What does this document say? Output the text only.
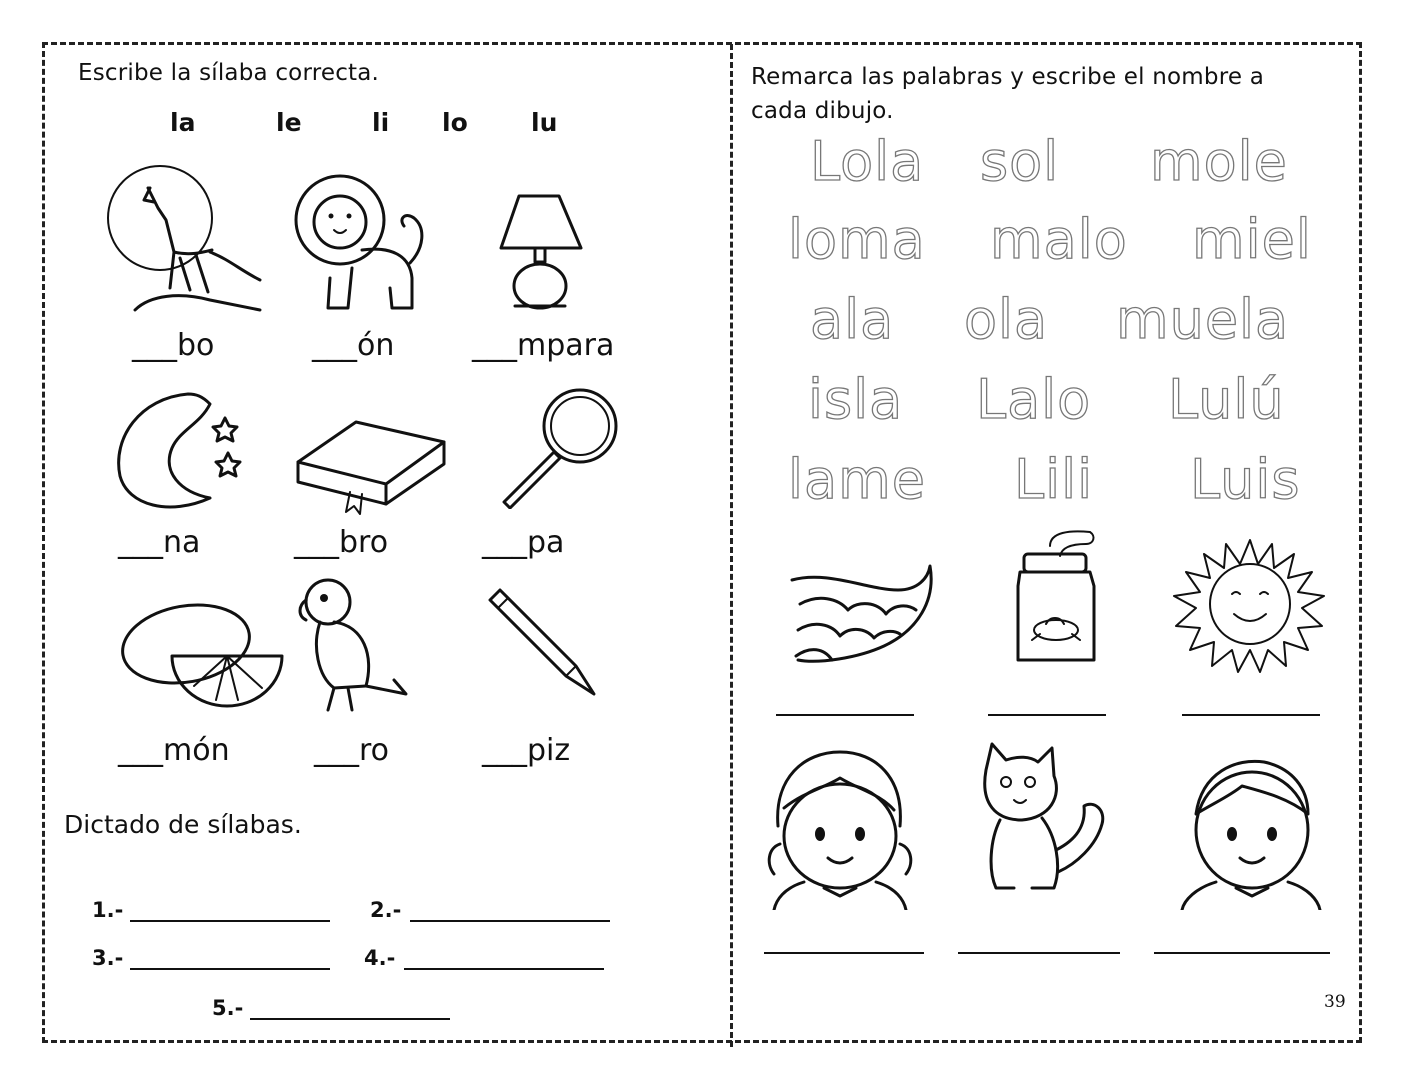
Escribe la sílaba correcta.
la	le	li lo	lu
___bo	___ón	___mpara
___na	___bro	___pa
___món	___ro	___piz
Dictado de sílabas.
1.-	2.-
3.-	4.-
5.-
Remarca las palabras y escribe el nombre a cada dibujo.
Lola sol mole
loma malo miel
ala ola muela
isla Lalo Lulú
lame Lili Luis
39
